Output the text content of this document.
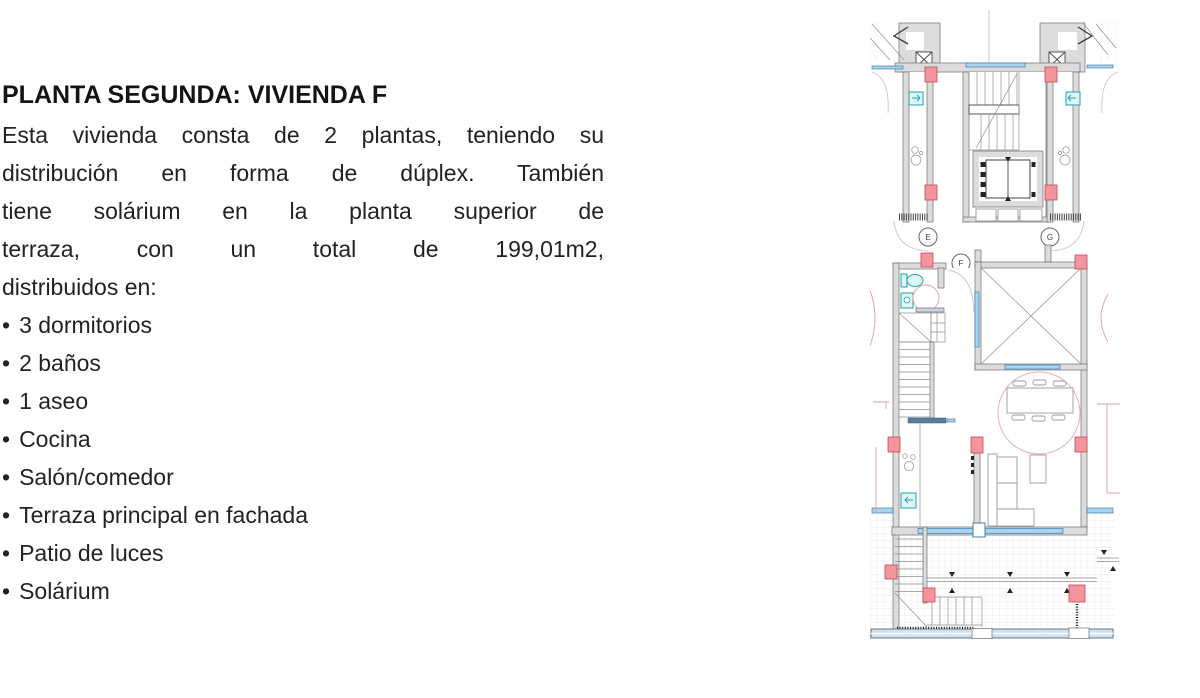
PLANTA SEGUNDA: VIVIENDA F
Esta vivienda consta de 2 plantas, teniendo su
distribución en forma de dúplex. También
tiene solárium en la planta superior de
terraza, con un total de 199,01m2,
distribuidos en:
• 3 dormitorios
• 2 baños
• 1 aseo
• Cocina
• Salón/comedor
• Terraza principal en fachada
• Patio de luces
• Solárium
E	G
F
